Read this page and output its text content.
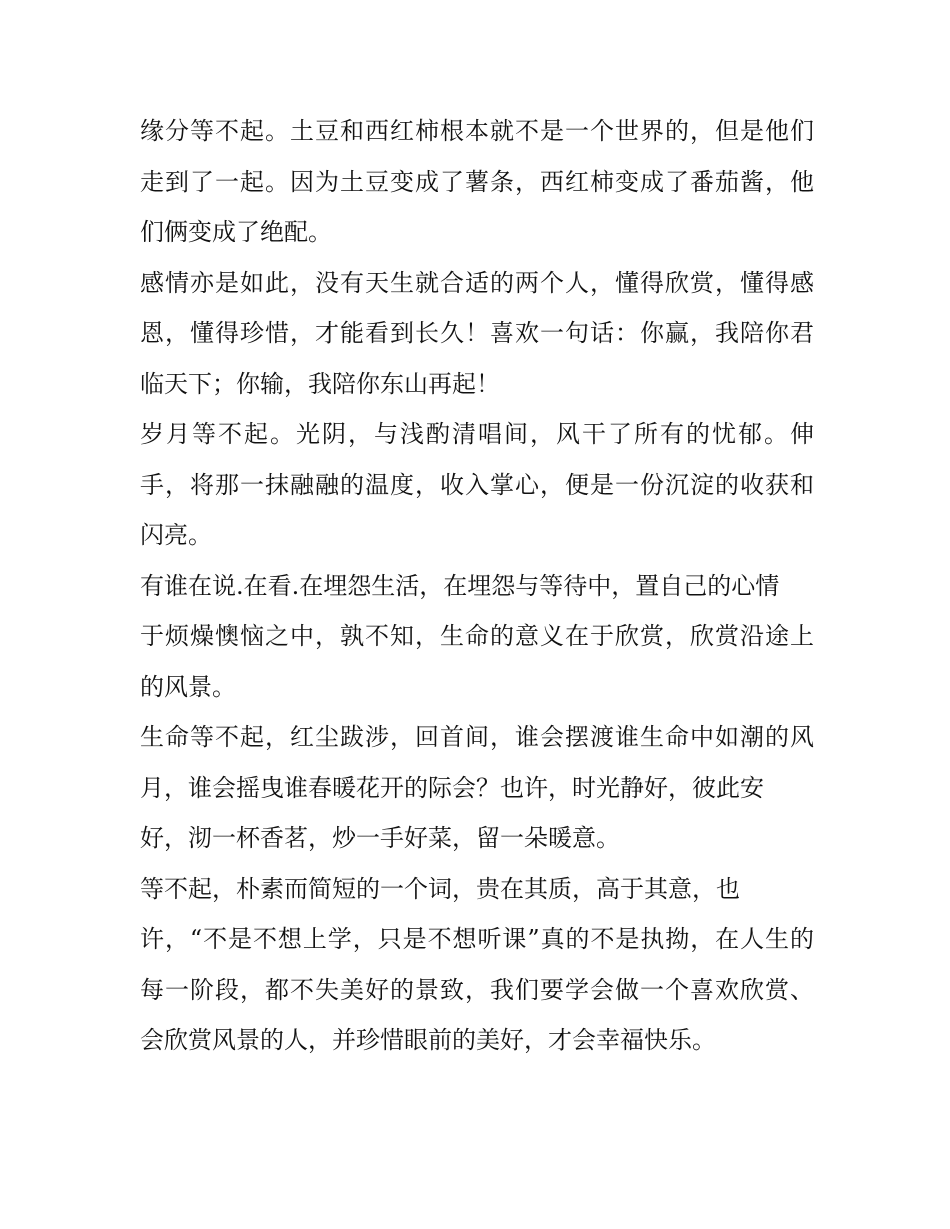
缘分等不起。土豆和西红柿根本就不是一个世界的，但是他们
走到了一起。因为土豆变成了薯条，西红柿变成了番茄酱，他
们俩变成了绝配。
感情亦是如此，没有天生就合适的两个人，懂得欣赏，懂得感
恩，懂得珍惜，才能看到长久！喜欢一句话：你赢，我陪你君
临天下；你输，我陪你东山再起！
岁月等不起。光阴，与浅酌清唱间，风干了所有的忧郁。伸
手，将那一抹融融的温度，收入掌心，便是一份沉淀的收获和
闪亮。
有谁在说.在看.在埋怨生活，在埋怨与等待中，置自己的心情
于烦燥懊恼之中，孰不知，生命的意义在于欣赏，欣赏沿途上
的风景。
生命等不起，红尘跋涉，回首间，谁会摆渡谁生命中如潮的风
月，谁会摇曳谁春暖花开的际会？也许，时光静好，彼此安
好，沏一杯香茗，炒一手好菜，留一朵暖意。
等不起，朴素而简短的一个词，贵在其质，高于其意，也
许，“不是不想上学，只是不想听课”真的不是执拗，在人生的
每一阶段，都不失美好的景致，我们要学会做一个喜欢欣赏、
会欣赏风景的人，并珍惜眼前的美好，才会幸福快乐。
